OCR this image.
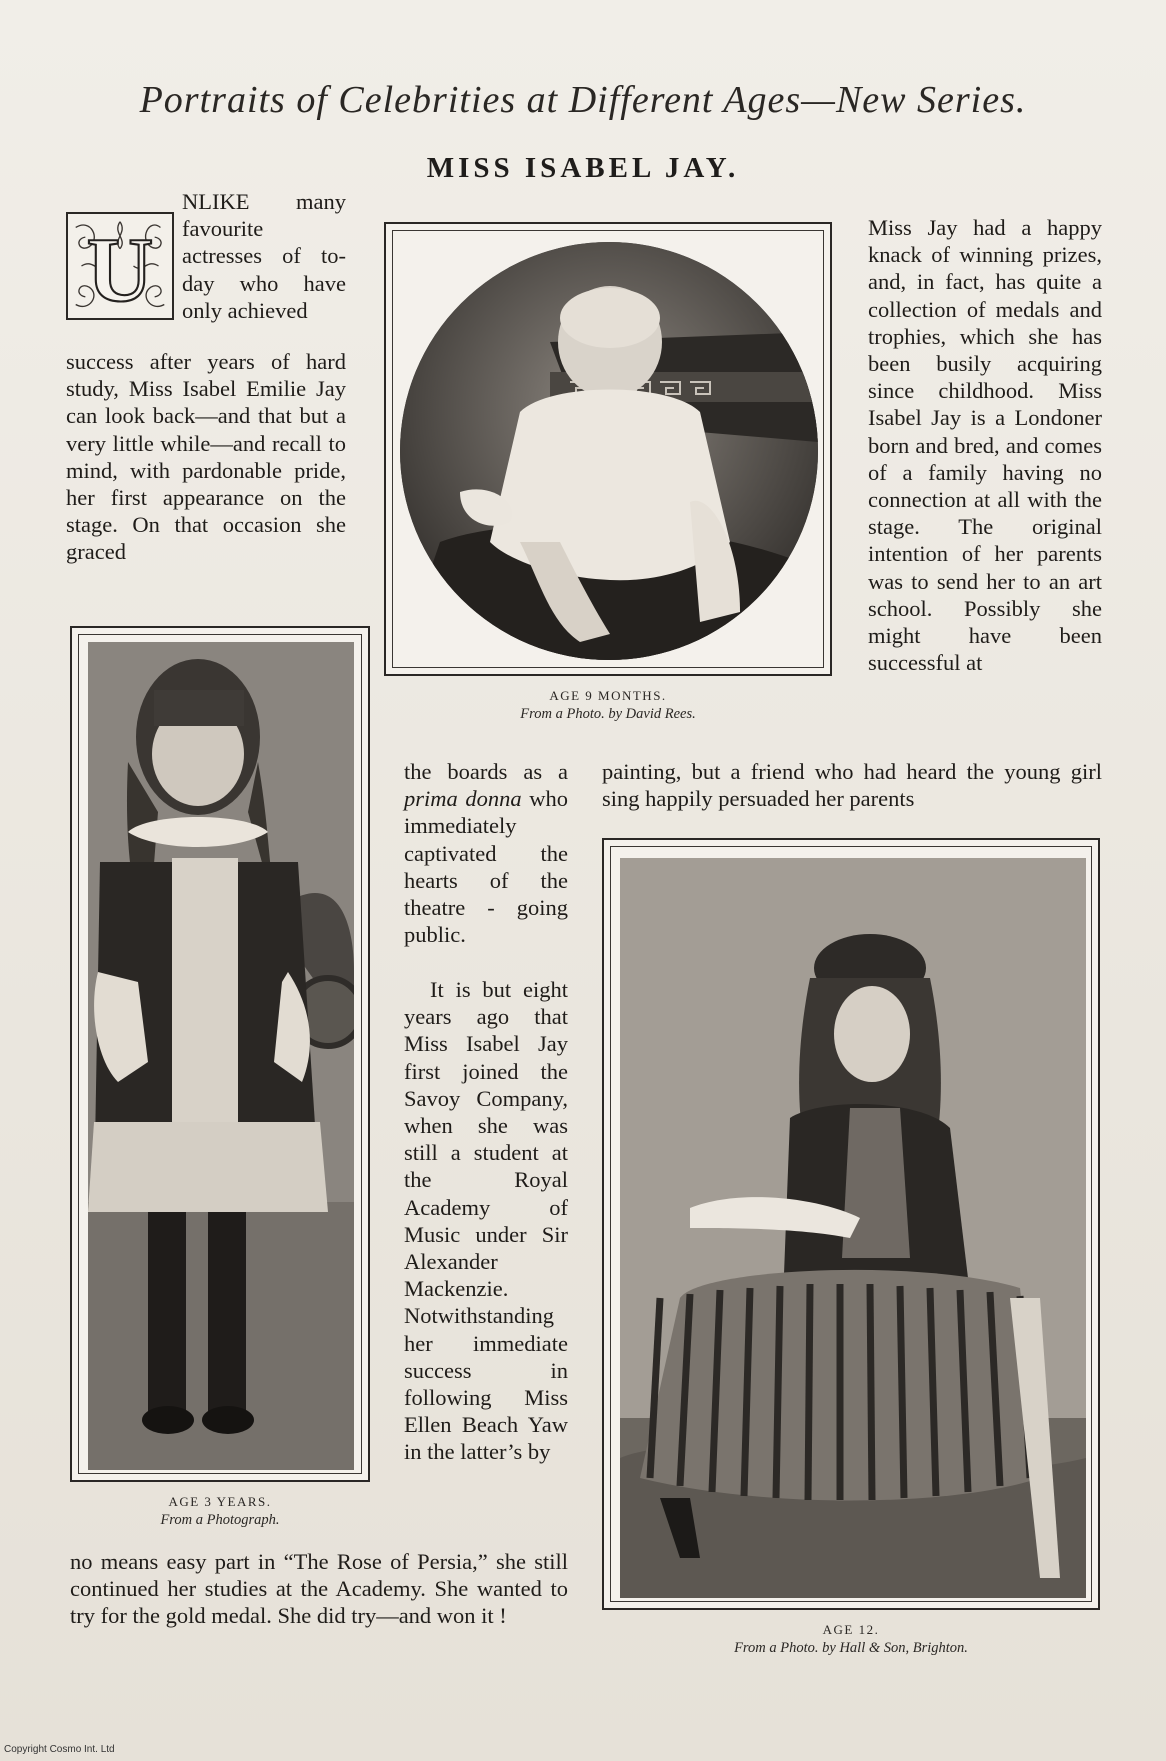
Portraits of Celebrities at Different Ages—New Series.
MISS ISABEL JAY.
U

NLIKE many favourite actresses of to-day who have only achieved

success after years of hard study, Miss Isabel Emilie Jay can look back—and that but a very little while—and recall to mind, with pardonable pride, her first appearance on the stage. On that occasion she graced

AGE 9 MONTHS.
From a Photo. by David Rees.

Miss Jay had a happy knack of winning prizes, and, in fact, has quite a collection of medals and trophies, which she has been busily acquiring since childhood. Miss Isabel Jay is a Londoner born and bred, and comes of a family having no connection at all with the stage. The original intention of her parents was to send her to an art school. Possibly she might have been successful at

painting, but a friend who had heard the young girl sing happily persuaded her parents

AGE 3 YEARS.
From a Photograph.

the boards as a prima donna who immediately captivated the hearts of the theatre - going public.

It is but eight years ago that Miss Isabel Jay first joined the Savoy Company, when she was still a student at the Royal Academy of Music under Sir Alexander Mackenzie. Notwithstanding her immediate success in following Miss Ellen Beach Yaw in the latter’s by

no means easy part in “The Rose of Persia,” she still continued her studies at the Academy. She wanted to try for the gold medal. She did try—and won it !

AGE 12.
From a Photo. by Hall & Son, Brighton.
Copyright Cosmo Int. Ltd
